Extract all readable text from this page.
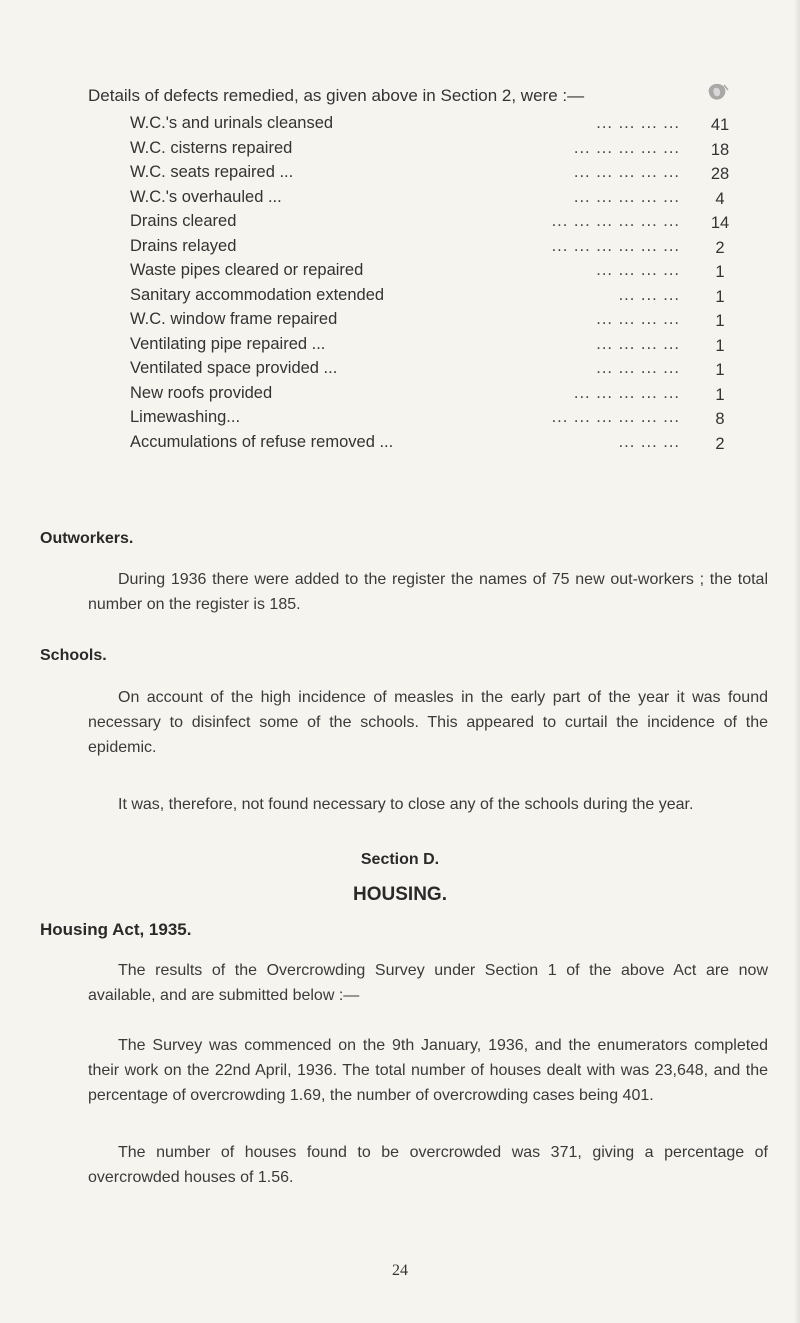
Details of defects remedied, as given above in Section 2, were :—
W.C.'s and urinals cleansed	... ... ... ...	41
W.C. cisterns repaired	... ... ... ... ...	18
W.C. seats repaired ...	... ... ... ... ...	28
W.C.'s overhauled ...	... ... ... ... ...	4
Drains cleared	... ... ... ... ... ...	14
Drains relayed	... ... ... ... ... ...	2
Waste pipes cleared or repaired	... ... ... ...	1
Sanitary accommodation extended	... ... ...	1
W.C. window frame repaired	... ... ... ...	1
Ventilating pipe repaired ...	... ... ... ...	1
Ventilated space provided ...	... ... ... ...	1
New roofs provided	... ... ... ... ...	1
Limewashing...	... ... ... ... ... ...	8
Accumulations of refuse removed ...	... ... ...	2
Outworkers.

During 1936 there were added to the register the names of 75 new out-workers ; the total number on the register is 185.

Schools.

On account of the high incidence of measles in the early part of the year it was found necessary to disinfect some of the schools. This appeared to curtail the incidence of the epidemic.

It was, therefore, not found necessary to close any of the schools during the year.

Section D.
HOUSING.
Housing Act, 1935.

The results of the Overcrowding Survey under Section 1 of the above Act are now available, and are submitted below :—

The Survey was commenced on the 9th January, 1936, and the enumerators completed their work on the 22nd April, 1936. The total number of houses dealt with was 23,648, and the percentage of overcrowding 1.69, the number of overcrowding cases being 401.

The number of houses found to be overcrowded was 371, giving a percentage of overcrowded houses of 1.56.

24
